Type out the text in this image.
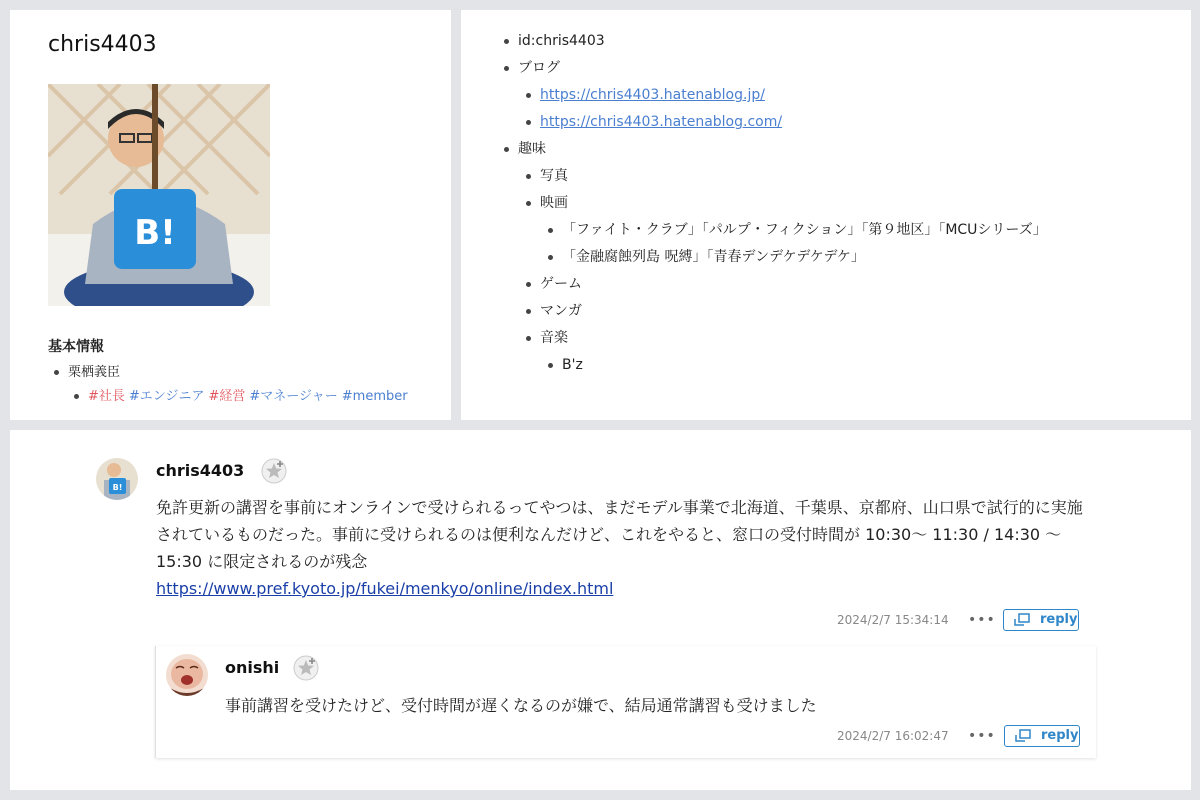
chris4403
B!
基本情報
栗栖義臣
#社長 #エンジニア #経営 #マネージャー #member
id:chris4403
ブログ
https://chris4403.hatenablog.jp/
https://chris4403.hatenablog.com/
趣味
写真
映画
「ファイト・クラブ」「パルプ・フィクション」「第９地区」「MCUシリーズ」
「金融腐蝕列島 呪縛」「青春デンデケデケデケ」
ゲーム
マンガ
音楽
B'z
B!
chris4403
免許更新の講習を事前にオンラインで受けられるってやつは、まだモデル事業で北海道、千葉県、京都府、山口県で試行的に実施されているものだった。事前に受けられるのは便利なんだけど、これをやると、窓口の受付時間が 10:30〜 11:30 / 14:30 〜 15:30 に限定されるのが残念
https://www.pref.kyoto.jp/fukei/menkyo/online/index.html
2024/2/7 15:34:14 •••	reply
onishi
事前講習を受けたけど、受付時間が遅くなるのが嫌で、結局通常講習も受けました
2024/2/7 16:02:47 •••	reply
